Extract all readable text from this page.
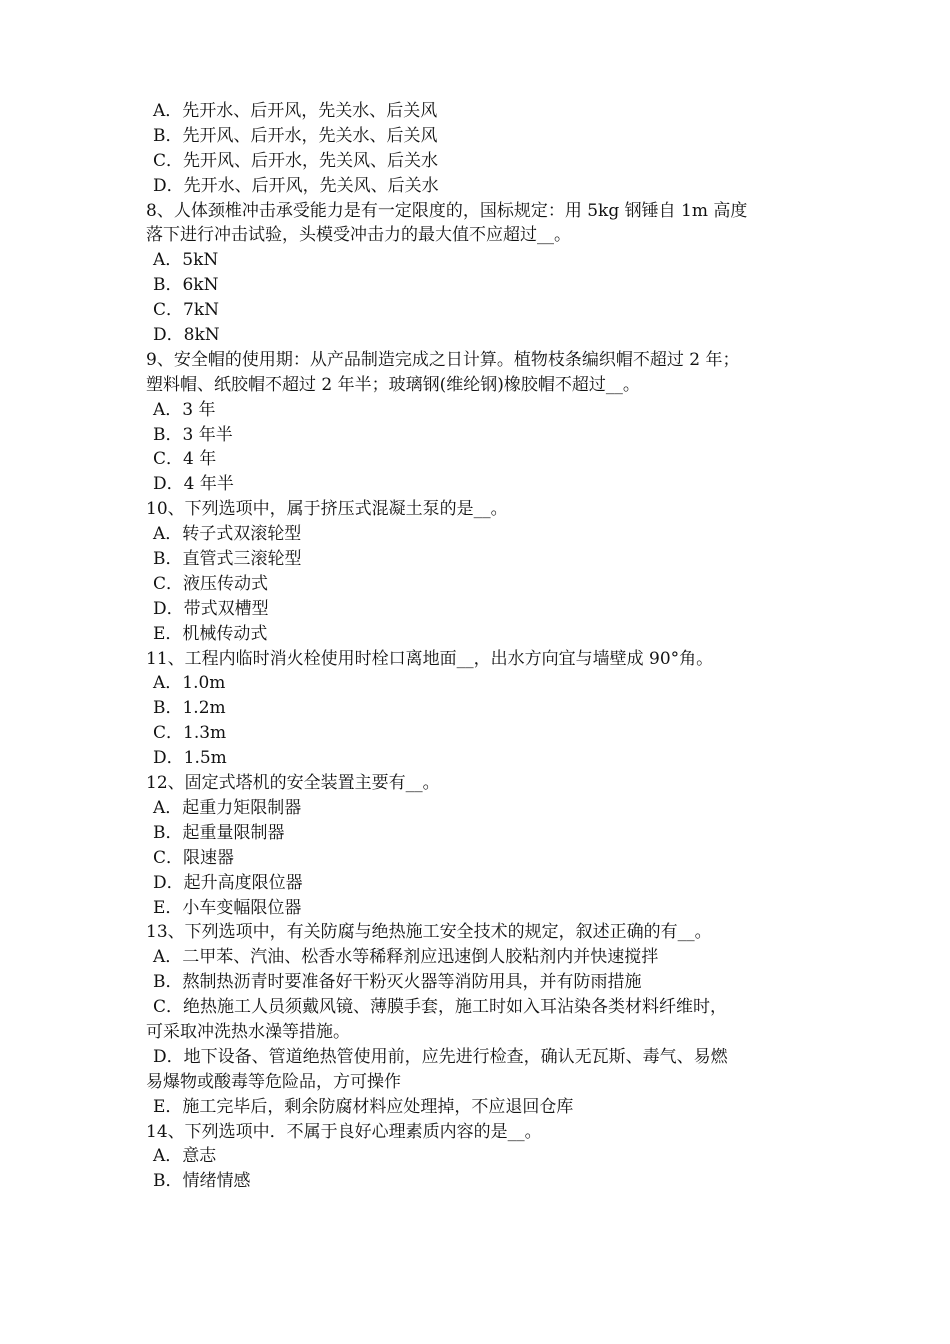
A．先开水、后开风，先关水、后关风

B．先开风、后开水，先关水、后关风

C．先开风、后开水，先关风、后关水

D．先开水、后开风，先关风、后关水

8、人体颈椎冲击承受能力是有一定限度的，国标规定：用 5kg 钢锤自 1m 高度

落下进行冲击试验，头模受冲击力的最大值不应超过__。

A．5kN

B．6kN

C．7kN

D．8kN

9、安全帽的使用期：从产品制造完成之日计算。植物枝条编织帽不超过 2 年；

塑料帽、纸胶帽不超过 2 年半；玻璃钢(维纶钢)橡胶帽不超过__。

A．3 年

B．3 年半

C．4 年

D．4 年半

10、下列选项中，属于挤压式混凝土泵的是__。

A．转子式双滚轮型

B．直管式三滚轮型

C．液压传动式

D．带式双槽型

E．机械传动式

11、工程内临时消火栓使用时栓口离地面__，出水方向宜与墙壁成 90°角。

A．1.0m

B．1.2m

C．1.3m

D．1.5m

12、固定式塔机的安全装置主要有__。

A．起重力矩限制器

B．起重量限制器

C．限速器

D．起升高度限位器

E．小车变幅限位器

13、下列选项中，有关防腐与绝热施工安全技术的规定，叙述正确的有__。

A．二甲苯、汽油、松香水等稀释剂应迅速倒人胶粘剂内并快速搅拌

B．熬制热沥青时要准备好干粉灭火器等消防用具，并有防雨措施

C．绝热施工人员须戴风镜、薄膜手套，施工时如入耳沾染各类材料纤维时，

可采取冲洗热水澡等措施。

D．地下设备、管道绝热管使用前，应先进行检查，确认无瓦斯、毒气、易燃

易爆物或酸毒等危险品，方可操作

E．施工完毕后，剩余防腐材料应处理掉，不应退回仓库

14、下列选项中．不属于良好心理素质内容的是__。

A．意志

B．情绪情感
